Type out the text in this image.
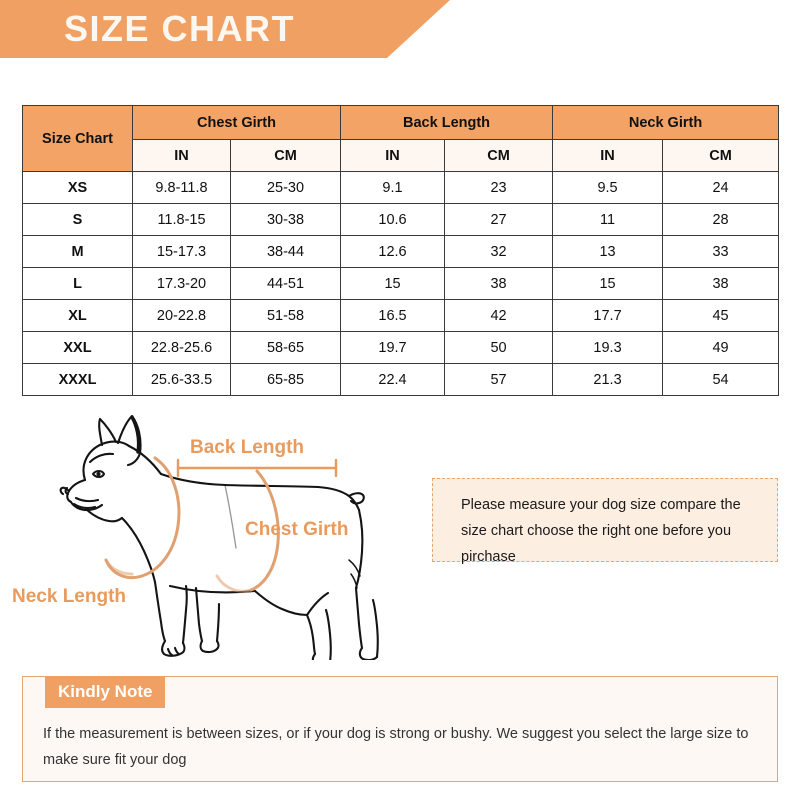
SIZE CHART
Size Chart	Chest Girth		Back Length		Neck Girth	
	IN	CM	IN	CM	IN	CM
XS	9.8-11.8	25-30	9.1	23	9.5	24
S	11.8-15	30-38	10.6	27	11	28
M	15-17.3	38-44	12.6	32	13	33
L	17.3-20	44-51	15	38	15	38
XL	20-22.8	51-58	16.5	42	17.7	45
XXL	22.8-25.6	58-65	19.7	50	19.3	49
XXXL	25.6-33.5	65-85	22.4	57	21.3	54
Back Length
Chest Girth
Neck Length
Please measure your dog size compare the size chart choose the right one before you pirchase
Kindly Note
If the measurement is between sizes, or if your dog is strong or bushy. We suggest you select the large size to make sure fit your dog
